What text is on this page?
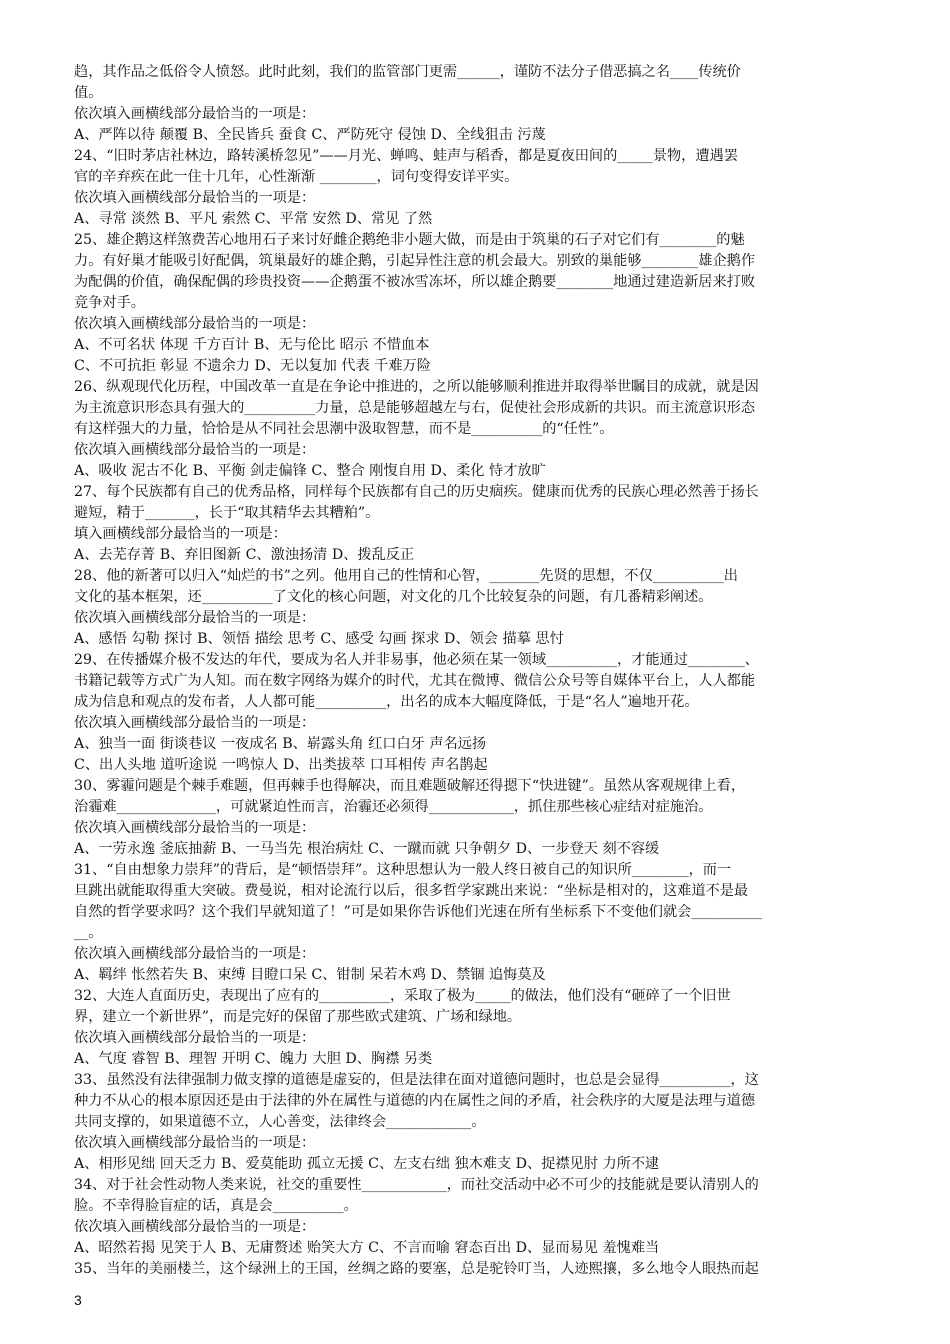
趋，其作品之低俗令人愤怒。此时此刻，我们的监管部门更需______，谨防不法分子借恶搞之名____传统价
值。
依次填入画横线部分最恰当的一项是：
A、严阵以待 颠覆 B、全民皆兵 蚕食 C、严防死守 侵蚀 D、全线狙击 污蔑
24、“旧时茅店社林边，路转溪桥忽见”——月光、蝉鸣、蛙声与稻香，都是夏夜田间的_____景物，遭遇罢
官的辛弃疾在此一住十几年，心性渐渐 ________，词句变得安详平实。
依次填入画横线部分最恰当的一项是：
A、寻常 淡然 B、平凡 索然 C、平常 安然 D、常见 了然
25、雄企鹅这样煞费苦心地用石子来讨好雌企鹅绝非小题大做，而是由于筑巢的石子对它们有________的魅
力。有好巢才能吸引好配偶，筑巢最好的雄企鹅，引起异性注意的机会最大。别致的巢能够________雄企鹅作
为配偶的价值，确保配偶的珍贵投资——企鹅蛋不被冰雪冻坏，所以雄企鹅要________地通过建造新居来打败
竞争对手。
依次填入画横线部分最恰当的一项是：
A、不可名状 体现 千方百计 B、无与伦比 昭示 不惜血本
C、不可抗拒 彰显 不遗余力 D、无以复加 代表 千难万险
26、纵观现代化历程，中国改革一直是在争论中推进的，之所以能够顺利推进并取得举世瞩目的成就，就是因
为主流意识形态具有强大的__________力量，总是能够超越左与右，促使社会形成新的共识。而主流意识形态
有这样强大的力量，恰恰是从不同社会思潮中汲取智慧，而不是__________的“任性”。
依次填入画横线部分最恰当的一项是：
A、吸收 泥古不化 B、平衡 剑走偏锋 C、整合 刚愎自用 D、柔化 恃才放旷
27、每个民族都有自己的优秀品格，同样每个民族都有自己的历史痼疾。健康而优秀的民族心理必然善于扬长
避短，精于_______，长于“取其精华去其糟粕”。
填入画横线部分最恰当的一项是：
A、去芜存菁 B、弃旧图新 C、激浊扬清 D、拨乱反正
28、他的新著可以归入“灿烂的书”之列。他用自己的性情和心智，_______先贤的思想，不仅__________出
文化的基本框架，还__________了文化的核心问题，对文化的几个比较复杂的问题，有几番精彩阐述。
依次填入画横线部分最恰当的一项是：
A、感悟 勾勒 探讨 B、领悟 描绘 思考 C、感受 勾画 探求 D、领会 描摹 思忖
29、在传播媒介极不发达的年代，要成为名人并非易事，他必须在某一领域__________，才能通过________、
书籍记载等方式广为人知。而在数字网络为媒介的时代，尤其在微博、微信公众号等自媒体平台上，人人都能
成为信息和观点的发布者，人人都可能__________，出名的成本大幅度降低，于是“名人”遍地开花。
依次填入画横线部分最恰当的一项是：
A、独当一面 街谈巷议 一夜成名 B、崭露头角 红口白牙 声名远扬
C、出人头地 道听途说 一鸣惊人 D、出类拔萃 口耳相传 声名鹊起
30、雾霾问题是个棘手难题，但再棘手也得解决，而且难题破解还得摁下“快进键”。虽然从客观规律上看，
治霾难______________，可就紧迫性而言，治霾还必须得____________，抓住那些核心症结对症施治。
依次填入画横线部分最恰当的一项是：
A、一劳永逸 釜底抽薪 B、一马当先 根治病灶 C、一蹴而就 只争朝夕 D、一步登天 刻不容缓
31、“自由想象力崇拜”的背后，是“顿悟崇拜”。这种思想认为一般人终日被自己的知识所________，而一
旦跳出就能取得重大突破。费曼说，相对论流行以后，很多哲学家跳出来说：“坐标是相对的，这难道不是最
自然的哲学要求吗？这个我们早就知道了！”可是如果你告诉他们光速在所有坐标系下不变他们就会__________
__。
依次填入画横线部分最恰当的一项是：
A、羁绊 怅然若失 B、束缚 目瞪口呆 C、钳制 呆若木鸡 D、禁锢 追悔莫及
32、大连人直面历史，表现出了应有的__________，采取了极为_____的做法，他们没有“砸碎了一个旧世
界，建立一个新世界”，而是完好的保留了那些欧式建筑、广场和绿地。
依次填入画横线部分最恰当的一项是：
A、气度 睿智 B、理智 开明 C、魄力 大胆 D、胸襟 另类
33、虽然没有法律强制力做支撑的道德是虚妄的，但是法律在面对道德问题时，也总是会显得__________，这
种力不从心的根本原因还是由于法律的外在属性与道德的内在属性之间的矛盾，社会秩序的大厦是法理与道德
共同支撑的，如果道德不立，人心善变，法律终会____________。
依次填入画横线部分最恰当的一项是：
A、相形见绌 回天乏力 B、爱莫能助 孤立无援 C、左支右绌 独木难支 D、捉襟见肘 力所不逮
34、对于社会性动物人类来说，社交的重要性____________，而社交活动中必不可少的技能就是要认清别人的
脸。不幸得脸盲症的话，真是会__________。
依次填入画横线部分最恰当的一项是：
A、昭然若揭 见笑于人 B、无庸赘述 贻笑大方 C、不言而喻 窘态百出 D、显而易见 羞愧难当
35、当年的美丽楼兰，这个绿洲上的王国，丝绸之路的要塞，总是驼铃叮当，人迹熙攘，多么地令人眼热而起
3
